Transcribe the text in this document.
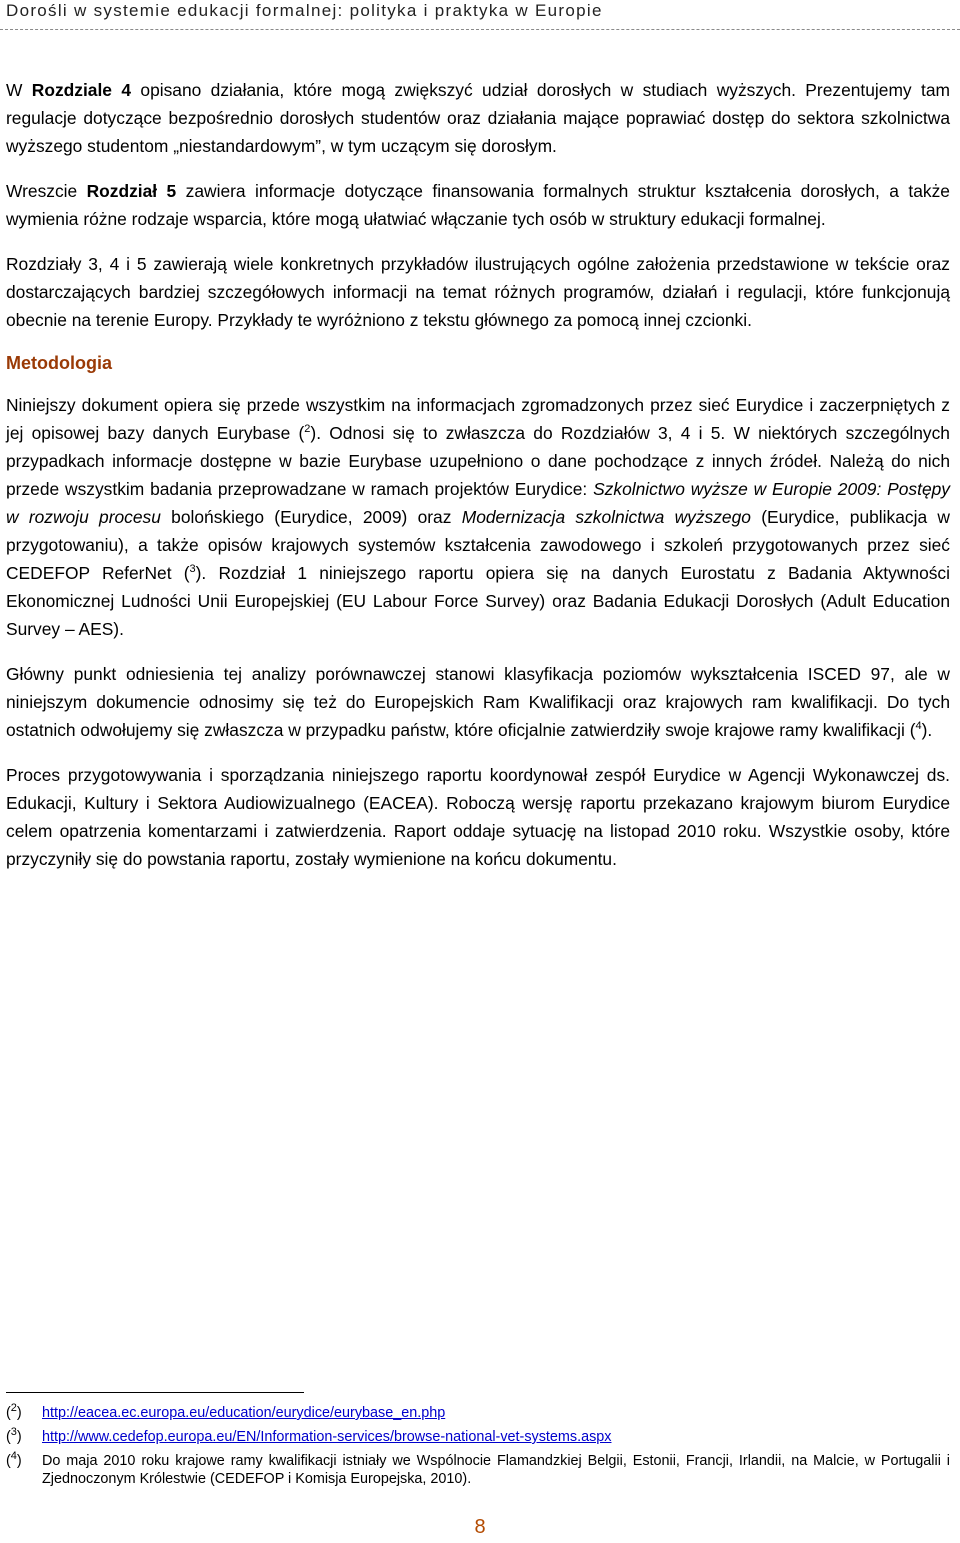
Dorośli w systemie edukacji formalnej: polityka i praktyka w Europie

W Rozdziale 4 opisano działania, które mogą zwiększyć udział dorosłych w studiach wyższych. Prezentujemy tam regulacje dotyczące bezpośrednio dorosłych studentów oraz działania mające poprawiać dostęp do sektora szkolnictwa wyższego studentom „niestandardowym”, w tym uczącym się dorosłym.

Wreszcie Rozdział 5 zawiera informacje dotyczące finansowania formalnych struktur kształcenia dorosłych, a także wymienia różne rodzaje wsparcia, które mogą ułatwiać włączanie tych osób w struktury edukacji formalnej.

Rozdziały 3, 4 i 5 zawierają wiele konkretnych przykładów ilustrujących ogólne założenia przedstawione w tekście oraz dostarczających bardziej szczegółowych informacji na temat różnych programów, działań i regulacji, które funkcjonują obecnie na terenie Europy. Przykłady te wyróżniono z tekstu głównego za pomocą innej czcionki.

Metodologia

Niniejszy dokument opiera się przede wszystkim na informacjach zgromadzonych przez sieć Eurydice i zaczerpniętych z jej opisowej bazy danych Eurybase ($^2$). Odnosi się to zwłaszcza do Rozdziałów 3, 4 i 5. W niektórych szczególnych przypadkach informacje dostępne w bazie Eurybase uzupełniono o dane pochodzące z innych źródeł. Należą do nich przede wszystkim badania przeprowadzane w ramach projektów Eurydice: Szkolnictwo wyższe w Europie 2009: Postępy w rozwoju procesu bolońskiego (Eurydice, 2009) oraz Modernizacja szkolnictwa wyższego (Eurydice, publikacja w przygotowaniu), a także opisów krajowych systemów kształcenia zawodowego i szkoleń przygotowanych przez sieć CEDEFOP ReferNet ($^3$). Rozdział 1 niniejszego raportu opiera się na danych Eurostatu z Badania Aktywności Ekonomicznej Ludności Unii Europejskiej (EU Labour Force Survey) oraz Badania Edukacji Dorosłych (Adult Education Survey – AES).

Główny punkt odniesienia tej analizy porównawczej stanowi klasyfikacja poziomów wykształcenia ISCED 97, ale w niniejszym dokumencie odnosimy się też do Europejskich Ram Kwalifikacji oraz krajowych ram kwalifikacji. Do tych ostatnich odwołujemy się zwłaszcza w przypadku państw, które oficjalnie zatwierdziły swoje krajowe ramy kwalifikacji ($^4$).

Proces przygotowywania i sporządzania niniejszego raportu koordynował zespół Eurydice w Agencji Wykonawczej ds. Edukacji, Kultury i Sektora Audiowizualnego (EACEA). Roboczą wersję raportu przekazano krajowym biurom Eurydice celem opatrzenia komentarzami i zatwierdzenia. Raport oddaje sytuację na listopad 2010 roku. Wszystkie osoby, które przyczyniły się do powstania raportu, zostały wymienione na końcu dokumentu.

($^2$)	http://eacea.ec.europa.eu/education/eurydice/eurybase_en.php
($^3$)	http://www.cedefop.europa.eu/EN/Information-services/browse-national-vet-systems.aspx
($^4$)	Do maja 2010 roku krajowe ramy kwalifikacji istniały we Wspólnocie Flamandzkiej Belgii, Estonii, Francji, Irlandii, na Malcie, w Portugalii i Zjednoczonym Królestwie (CEDEFOP i Komisja Europejska, 2010).
8
